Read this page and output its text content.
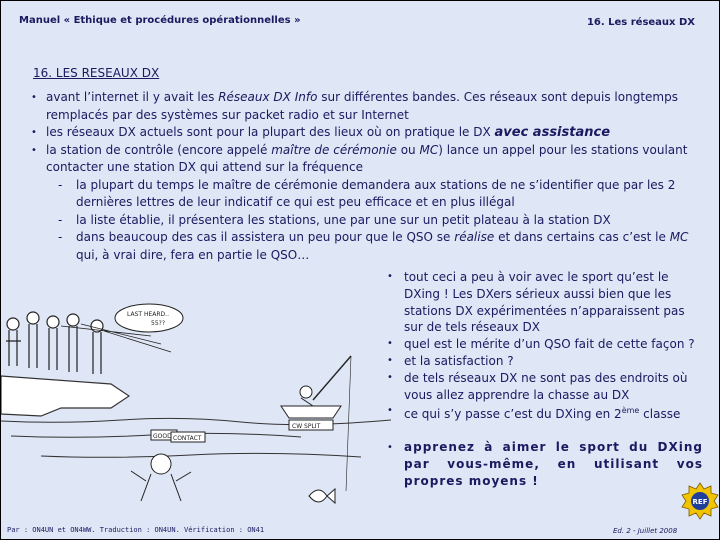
Manuel « Ethique et procédures opérationnelles »	16. Les réseaux DX
16. LES RESEAUX DX
• avant l’internet il y avait les Réseaux DX Info sur différentes bandes. Ces réseaux sont depuis longtemps remplacés par des systèmes sur packet radio et sur Internet
• les réseaux DX actuels sont pour la plupart des lieux où on pratique le DX avec assistance
• la station de contrôle (encore appelé maître de cérémonie ou MC) lance un appel pour les stations voulant contacter une station DX qui attend sur la fréquence
- la plupart du temps le maître de cérémonie demandera aux stations de ne s’identifier que par les 2 dernières lettres de leur indicatif ce qui est peu efficace et en plus illégal
- la liste établie, il présentera les stations, une par une sur un petit plateau à la station DX
- dans beaucoup des cas il assistera un peu pour que le QSO se réalise et dans certains cas c’est le MC qui, à vrai dire, fera en partie le QSO…
LAST HEARD..
55??
CW SPLIT
GOOD CONTACT
• tout ceci a peu à voir avec le sport qu’est le DXing ! Les DXers sérieux aussi bien que les stations DX expérimentées n’apparaissent pas sur de tels réseaux DX
• quel est le mérite d’un QSO fait de cette façon ?
• et la satisfaction ?
• de tels réseaux DX ne sont pas des endroits où vous allez apprendre la chasse au DX
• ce qui s’y passe c’est du DXing en 2ème classe
• apprenez à aimer le sport du DXing par vous-même, en utilisant vos propres moyens !
REF
Par : ON4UN et ON4WW. Traduction : ON4UN. Vérification : ON41	Ed. 2 - Juillet 2008
